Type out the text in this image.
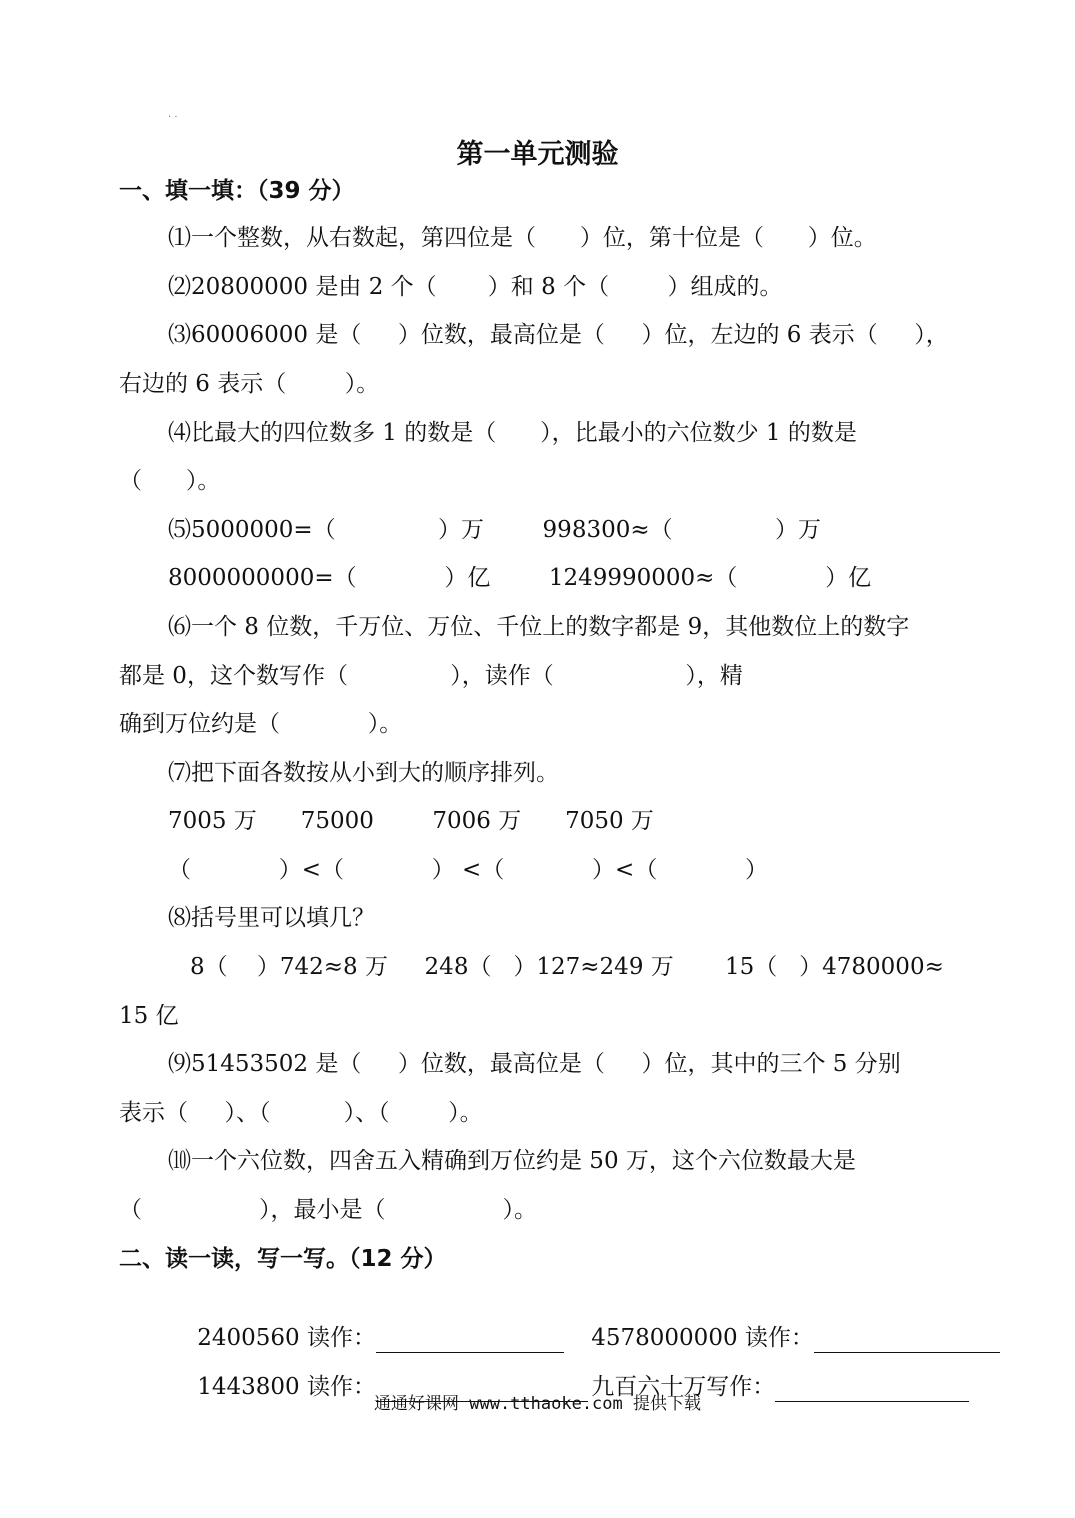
· ·
第一单元测验
一、填一填：（39 分）
⑴一个整数，从右数起，第四位是（      ）位，第十位是（      ）位。
⑵20800000 是由 2 个（       ）和 8 个（        ）组成的。
⑶60006000 是（     ）位数，最高位是（     ）位，左边的 6 表示（     ），
右边的 6 表示（        ）。
⑷比最大的四位数多 1 的数是（      ），比最小的六位数少 1 的数是
（      ）。
⑸5000000=（              ）万        998300≈（              ）万
8000000000=（            ）亿        1249990000≈（            ）亿
⑹一个 8 位数，千万位、万位、千位上的数字都是 9，其他数位上的数字
都是 0，这个数写作（              ），读作（                  ），精
确到万位约是（            ）。
⑺把下面各数按从小到大的顺序排列。
7005 万      75000        7006 万      7050 万
（            ）<（            ） <（            ）<（            ）
⑻括号里可以填几？
8（    ）742≈8 万     248（   ）127≈249 万       15（   ）4780000≈
15 亿
⑼51453502 是（     ）位数，最高位是（     ）位，其中的三个 5 分别
表示（     ）、（          ）、（        ）。
⑽一个六位数，四舍五入精确到万位约是 50 万，这个六位数最大是
（                ），最小是（                ）。
二、读一读，写一写。（12 分）

2400560 读作：
	4578000000 读作：

1443800 读作：
	九百六十万写作：

通通好课网 www.tthaoke.com 提供下载
